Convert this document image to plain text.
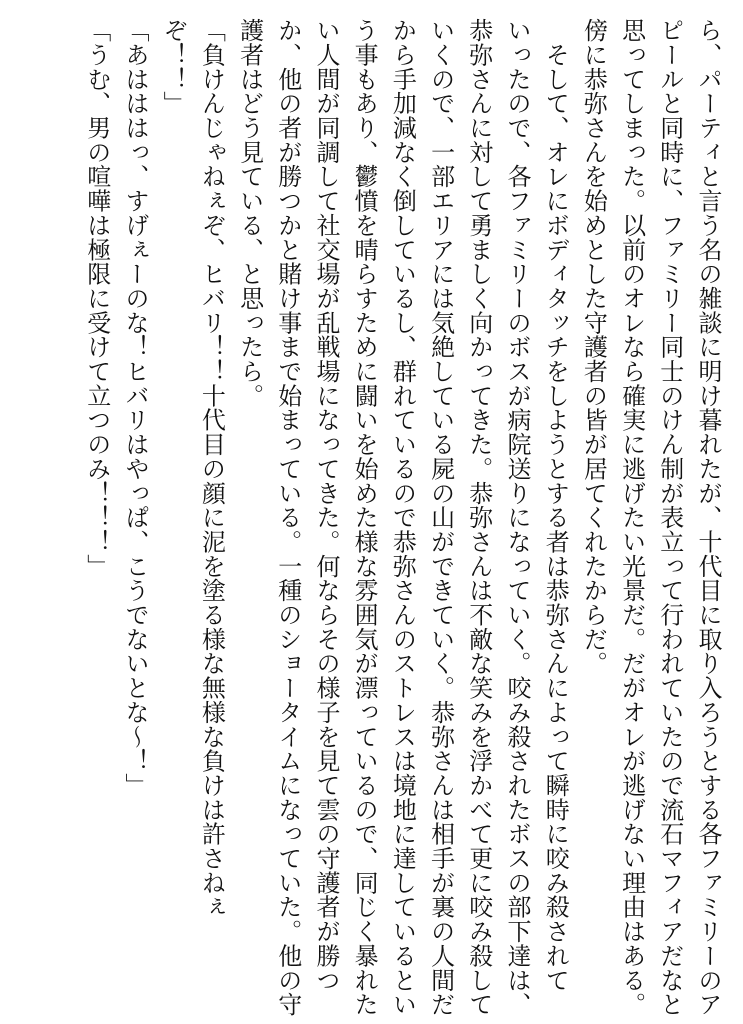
ら、パーティと言う名の雑談に明け暮れたが、十代目に取り入ろうとする各ファミリーのア
ピールと同時に、ファミリー同士のけん制が表立って行われていたので流石マフィアだなと
思ってしまった。以前のオレなら確実に逃げたい光景だ。だがオレが逃げない理由はある。
傍に恭弥さんを始めとした守護者の皆が居てくれたからだ。
　そして、オレにボディタッチをしようとする者は恭弥さんによって瞬時に咬み殺されて
いったので、各ファミリーのボスが病院送りになっていく。咬み殺されたボスの部下達は、
恭弥さんに対して勇ましく向かってきた。恭弥さんは不敵な笑みを浮かべて更に咬み殺して
いくので、一部エリアには気絶している屍の山ができていく。恭弥さんは相手が裏の人間だ
から手加減なく倒しているし、群れているので恭弥さんのストレスは境地に達しているとい
う事もあり、鬱憤を晴らすために闘いを始めた様な雰囲気が漂っているので、同じく暴れた
い人間が同調して社交場が乱戦場になってきた。何ならその様子を見て雲の守護者が勝つ
か、他の者が勝つかと賭け事まで始まっている。一種のショータイムになっていた。他の守
護者はどう見ている、と思ったら。
「負けんじゃねぇぞ、ヒバリ！！十代目の顔に泥を塗る様な無様な負けは許さねぇ
ぞ！！」
「あはははっ、すげぇーのな！ヒバリはやっぱ、こうでないとな〜！」
「うむ、男の喧嘩は極限に受けて立つのみ！！！」
